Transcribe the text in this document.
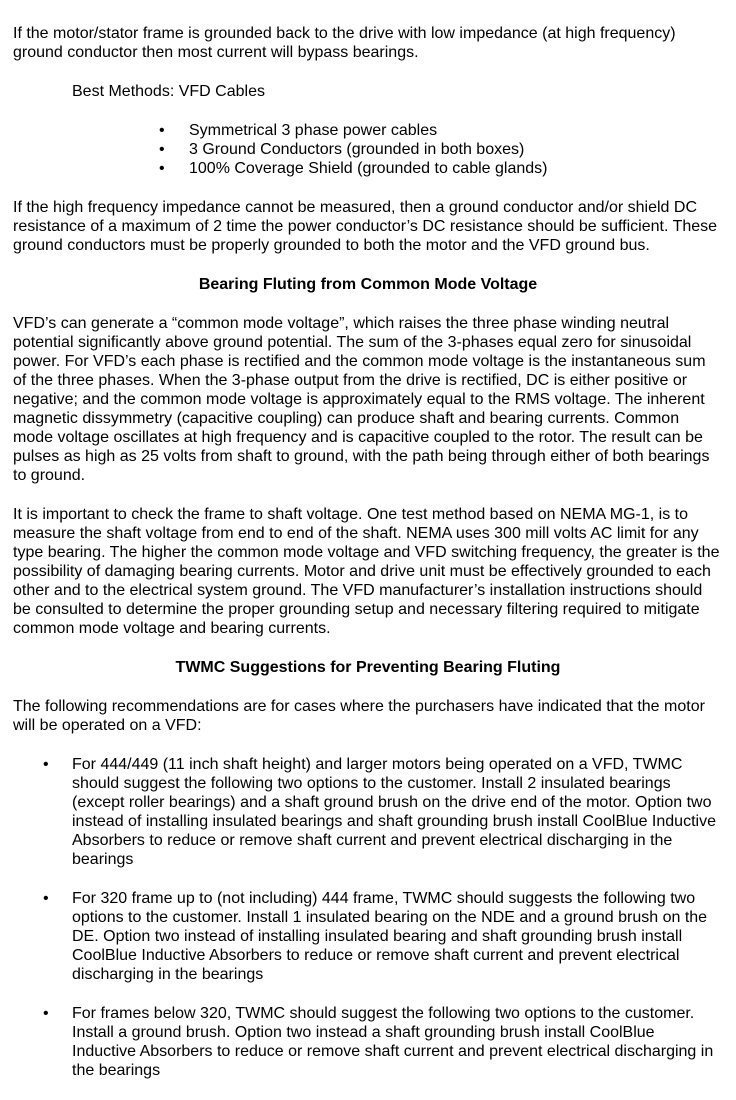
If the motor/stator frame is grounded back to the drive with low impedance (at high frequency) ground conductor then most current will bypass bearings.

Best Methods: VFD Cables

• Symmetrical 3 phase power cables
• 3 Ground Conductors (grounded in both boxes)
• 100% Coverage Shield (grounded to cable glands)

If the high frequency impedance cannot be measured, then a ground conductor and/or shield DC resistance of a maximum of 2 time the power conductor’s DC resistance should be sufficient. These ground conductors must be properly grounded to both the motor and the VFD ground bus.

Bearing Fluting from Common Mode Voltage

VFD’s can generate a “common mode voltage”, which raises the three phase winding neutral potential significantly above ground potential. The sum of the 3-phases equal zero for sinusoidal power. For VFD’s each phase is rectified and the common mode voltage is the instantaneous sum of the three phases. When the 3-phase output from the drive is rectified, DC is either positive or negative; and the common mode voltage is approximately equal to the RMS voltage. The inherent magnetic dissymmetry (capacitive coupling) can produce shaft and bearing currents. Common mode voltage oscillates at high frequency and is capacitive coupled to the rotor. The result can be pulses as high as 25 volts from shaft to ground, with the path being through either of both bearings to ground.

It is important to check the frame to shaft voltage. One test method based on NEMA MG-1, is to measure the shaft voltage from end to end of the shaft. NEMA uses 300 mill volts AC limit for any type bearing. The higher the common mode voltage and VFD switching frequency, the greater is the possibility of damaging bearing currents. Motor and drive unit must be effectively grounded to each other and to the electrical system ground. The VFD manufacturer’s installation instructions should be consulted to determine the proper grounding setup and necessary filtering required to mitigate common mode voltage and bearing currents.

TWMC Suggestions for Preventing Bearing Fluting

The following recommendations are for cases where the purchasers have indicated that the motor will be operated on a VFD:

• For 444/449 (11 inch shaft height) and larger motors being operated on a VFD, TWMC should suggest the following two options to the customer. Install 2 insulated bearings (except roller bearings) and a shaft ground brush on the drive end of the motor. Option two instead of installing insulated bearings and shaft grounding brush install CoolBlue Inductive Absorbers to reduce or remove shaft current and prevent electrical discharging in the bearings
• For 320 frame up to (not including) 444 frame, TWMC should suggests the following two options to the customer. Install 1 insulated bearing on the NDE and a ground brush on the DE. Option two instead of installing insulated bearing and shaft grounding brush install CoolBlue Inductive Absorbers to reduce or remove shaft current and prevent electrical discharging in the bearings
• For frames below 320, TWMC should suggest the following two options to the customer. Install a ground brush. Option two instead a shaft grounding brush install CoolBlue Inductive Absorbers to reduce or remove shaft current and prevent electrical discharging in the bearings
